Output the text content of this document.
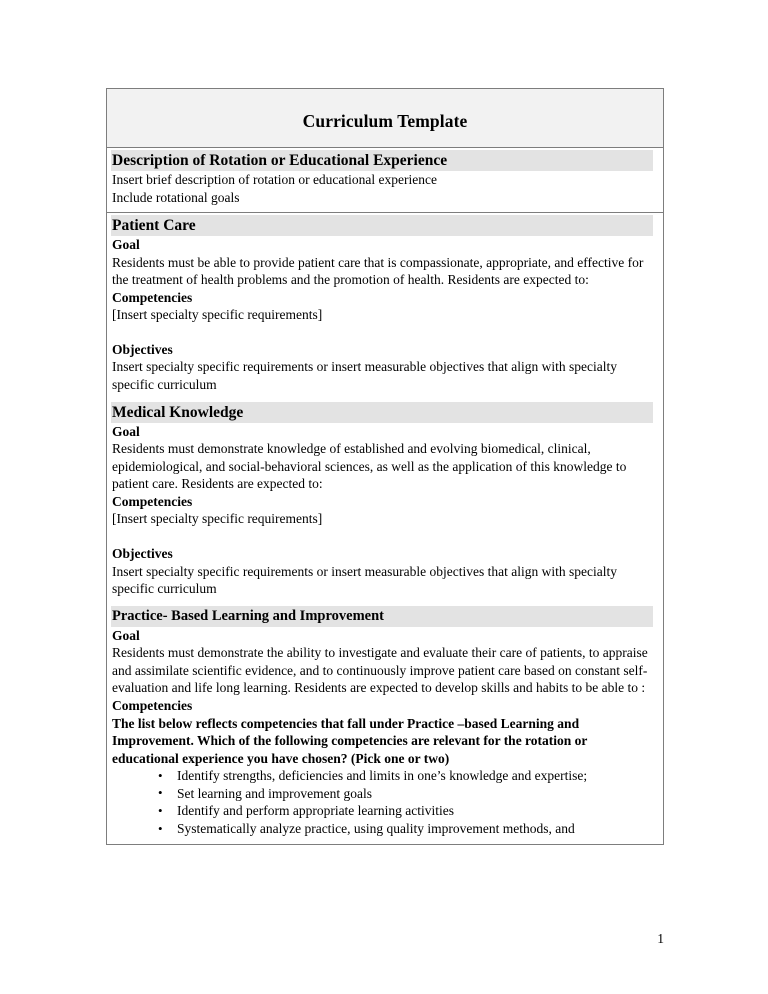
Curriculum Template

Description of Rotation or Educational Experience

Insert brief description of rotation or educational experience

Include rotational goals

Patient Care
Goal

Residents must be able to provide patient care that is compassionate, appropriate, and effective for the treatment of health problems and the promotion of health. Residents are expected to:

Competencies

[Insert specialty specific requirements]

Objectives

Insert specialty specific requirements or insert measurable objectives that align with specialty specific curriculum

Medical Knowledge
Goal

Residents must demonstrate knowledge of established and evolving biomedical, clinical, epidemiological, and social-behavioral sciences, as well as the application of this knowledge to patient care. Residents are expected to:

Competencies

[Insert specialty specific requirements]

Objectives

Insert specialty specific requirements or insert measurable objectives that align with specialty specific curriculum

Practice- Based Learning and Improvement
Goal

Residents must demonstrate the ability to investigate and evaluate their care of patients, to appraise and assimilate scientific evidence, and to continuously improve patient care based on constant self-evaluation and life long learning. Residents are expected to develop skills and habits to be able to :

Competencies

The list below reflects competencies that fall under Practice –based Learning and Improvement. Which of the following competencies are relevant for the rotation or educational experience you have chosen? (Pick one or two)

• Identify strengths, deficiencies and limits in one’s knowledge and expertise;
• Set learning and improvement goals
• Identify and perform appropriate learning activities
• Systematically analyze practice, using quality improvement methods, and
1
